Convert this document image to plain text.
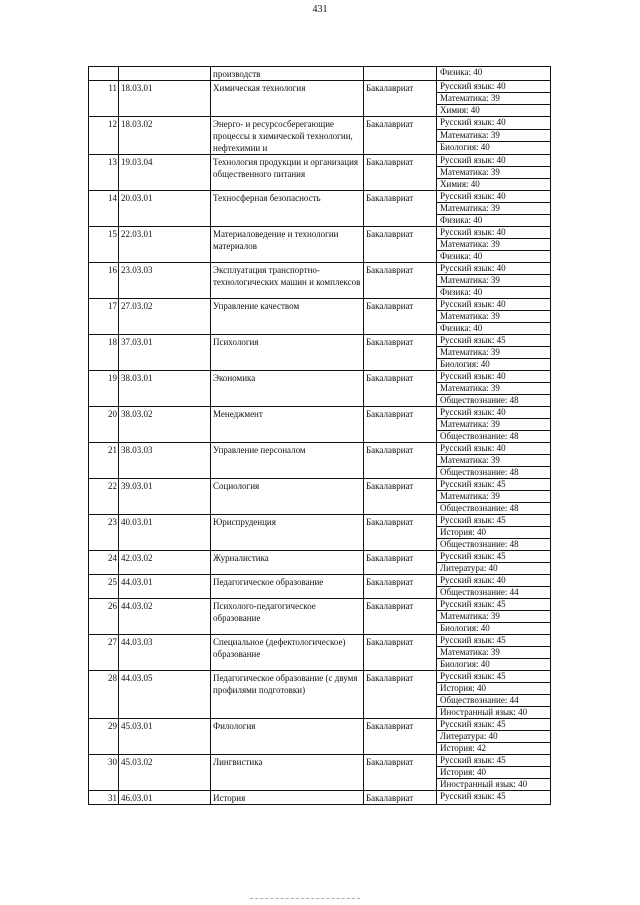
431
		производств		Физика: 40
11	18.03.01	Химическая технология	Бакалавриат	Русский язык: 40
				Математика: 39
				Химия: 40
12	18.03.02	Энерго- и ресурсосберегающие процессы в химической технологии, нефтехимии и	Бакалавриат	Русский язык: 40
				Математика: 39
				Биология: 40
13	19.03.04	Технология продукции и организация общественного питания	Бакалавриат	Русский язык: 40
				Математика: 39
				Химия: 40
14	20.03.01	Техносферная безопасность	Бакалавриат	Русский язык: 40
				Математика: 39
				Физика: 40
15	22.03.01	Материаловедение и технологии материалов	Бакалавриат	Русский язык: 40
				Математика: 39
				Физика: 40
16	23.03.03	Эксплуатация транспортно-технологических машин и комплексов	Бакалавриат	Русский язык: 40
				Математика: 39
				Физика: 40
17	27.03.02	Управление качеством	Бакалавриат	Русский язык: 40
				Математика: 39
				Физика: 40
18	37.03.01	Психология	Бакалавриат	Русский язык: 45
				Математика: 39
				Биология: 40
19	38.03.01	Экономика	Бакалавриат	Русский язык: 40
				Математика: 39
				Обществознание: 48
20	38.03.02	Менеджмент	Бакалавриат	Русский язык: 40
				Математика: 39
				Обществознание: 48
21	38.03.03	Управление персоналом	Бакалавриат	Русский язык: 40
				Математика: 39
				Обществознание: 48
22	39.03.01	Социология	Бакалавриат	Русский язык: 45
				Математика: 39
				Обществознание: 48
23	40.03.01	Юриспруденция	Бакалавриат	Русский язык: 45
				История: 40
				Обществознание: 48
24	42.03.02	Журналистика	Бакалавриат	Русский язык: 45
				Литература: 40
25	44.03.01	Педагогическое образование	Бакалавриат	Русский язык: 40
				Обществознание: 44
26	44.03.02	Психолого-педагогическое образование	Бакалавриат	Русский язык: 45
				Математика: 39
				Биология: 40
27	44.03.03	Специальное (дефектологическое) образование	Бакалавриат	Русский язык: 45
				Математика: 39
				Биология: 40
28	44.03.05	Педагогическое образование (с двумя профилями подготовки)	Бакалавриат	Русский язык: 45
				История: 40
				Обществознание: 44
				Иностранный язык: 40
29	45.03.01	Филология	Бакалавриат	Русский язык: 45
				Литература: 40
				История: 42
30	45.03.02	Лингвистика	Бакалавриат	Русский язык: 45
				История: 40
				Иностранный язык: 40
31	46.03.01	История	Бакалавриат	Русский язык: 45
